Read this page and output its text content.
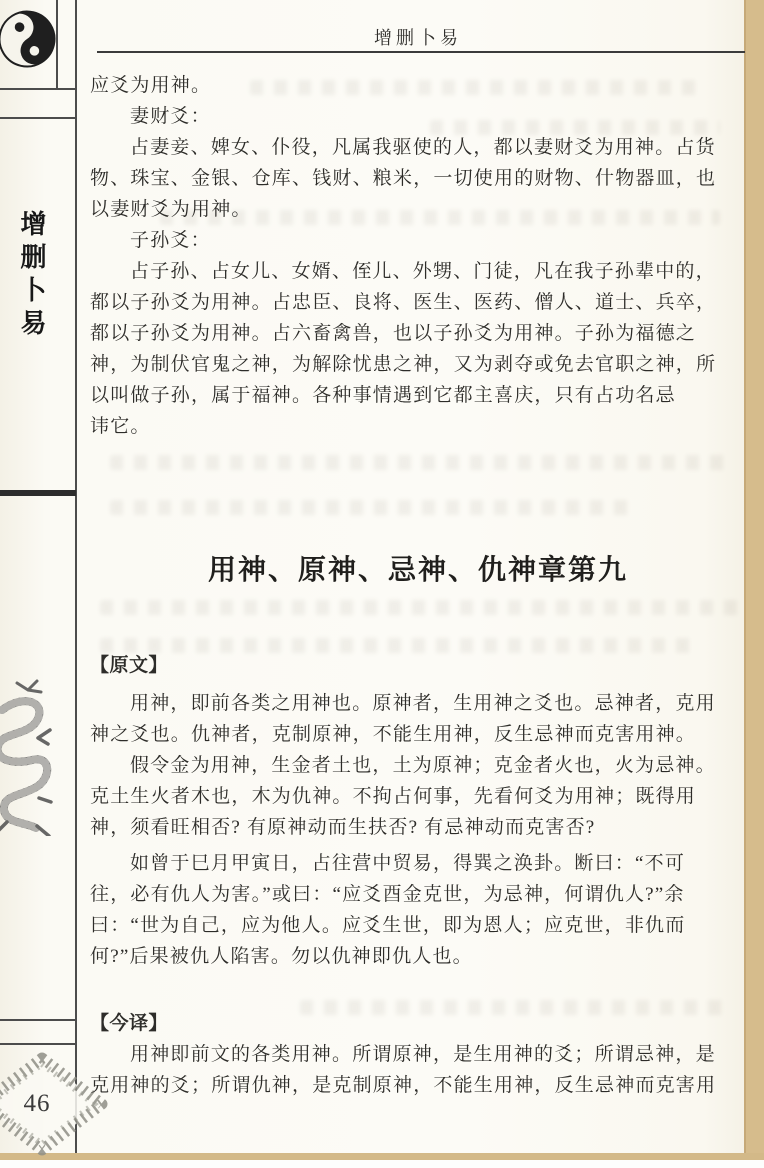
增删卜易
46
增删卜易
应爻为用神。
妻财爻：
占妻妾、婢女、仆役，凡属我驱使的人，都以妻财爻为用神。占货
物、珠宝、金银、仓库、钱财、粮米，一切使用的财物、什物器皿，也
以妻财爻为用神。
子孙爻：
占子孙、占女儿、女婿、侄儿、外甥、门徒，凡在我子孙辈中的，
都以子孙爻为用神。占忠臣、良将、医生、医药、僧人、道士、兵卒，
都以子孙爻为用神。占六畜禽兽，也以子孙爻为用神。子孙为福德之
神，为制伏官鬼之神，为解除忧患之神，又为剥夺或免去官职之神，所
以叫做子孙，属于福神。各种事情遇到它都主喜庆，只有占功名忌
讳它。
用神、原神、忌神、仇神章第九
【原文】
用神，即前各类之用神也。原神者，生用神之爻也。忌神者，克用
神之爻也。仇神者，克制原神，不能生用神，反生忌神而克害用神。
假令金为用神，生金者土也，土为原神；克金者火也，火为忌神。
克土生火者木也，木为仇神。不拘占何事，先看何爻为用神；既得用
神，须看旺相否? 有原神动而生扶否? 有忌神动而克害否?
如曾于巳月甲寅日，占往营中贸易，得巽之涣卦。断曰：“不可
往，必有仇人为害。”或曰：“应爻酉金克世，为忌神，何谓仇人?”余
曰：“世为自己，应为他人。应爻生世，即为恩人；应克世，非仇而
何?”后果被仇人陷害。勿以仇神即仇人也。
【今译】
用神即前文的各类用神。所谓原神，是生用神的爻；所谓忌神，是
克用神的爻；所谓仇神，是克制原神，不能生用神，反生忌神而克害用
